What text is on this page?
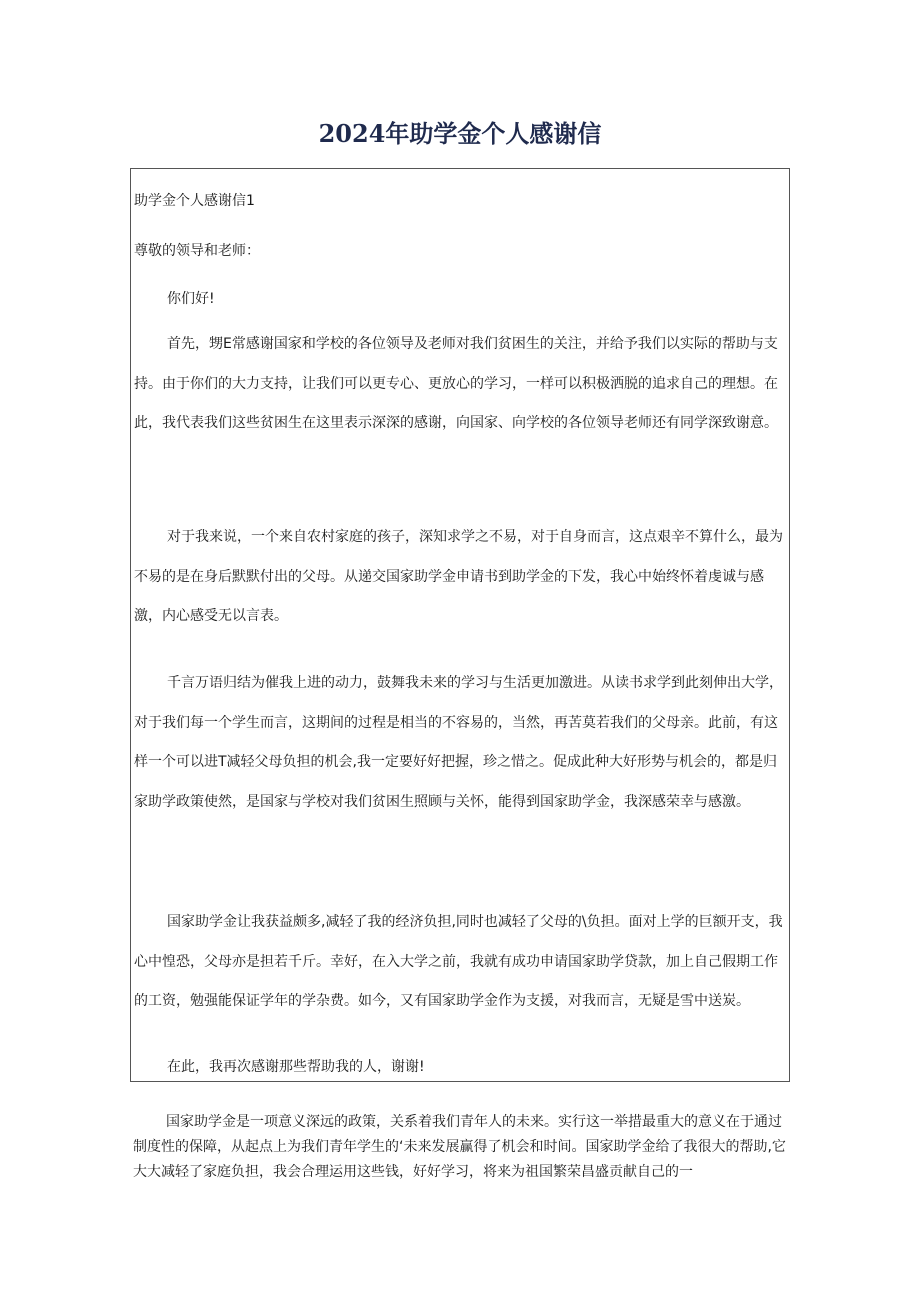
2024年助学金个人感谢信

助学金个人感谢信1

尊敬的领导和老师：

你们好!

首先，甥E常感谢国家和学校的各位领导及老师对我们贫困生的关注，并给予我们以实际的帮助与支持。由于你们的大力支持，让我们可以更专心、更放心的学习，一样可以积极洒脱的追求自己的理想。在此，我代表我们这些贫困生在这里表示深深的感谢，向国家、向学校的各位领导老师还有同学深致谢意。

对于我来说，一个来自农村家庭的孩子，深知求学之不易，对于自身而言，这点艰辛不算什么，最为不易的是在身后默默付出的父母。从递交国家助学金申请书到助学金的下发，我心中始终怀着虔诚与感激，内心感受无以言表。

千言万语归结为催我上进的动力，鼓舞我未来的学习与生活更加激进。从读书求学到此刻伸出大学，对于我们每一个学生而言，这期间的过程是相当的不容易的，当然，再苦莫若我们的父母亲。此前，有这样一个可以进T减轻父母负担的机会,我一定要好好把握，珍之惜之。促成此种大好形势与机会的，都是归家助学政策使然，是国家与学校对我们贫困生照顾与关怀，能得到国家助学金，我深感荣幸与感激。

国家助学金让我获益颇多,减轻了我的经济负担,同时也减轻了父母的\负担。面对上学的巨额开支，我心中惶恐，父母亦是担若千斤。幸好，在入大学之前，我就有成功申请国家助学贷款，加上自己假期工作的工资，勉强能保证学年的学杂费。如今，又有国家助学金作为支援，对我而言，无疑是雪中送炭。

在此，我再次感谢那些帮助我的人，谢谢!

国家助学金是一项意义深远的政策，关系着我们青年人的未来。实行这一举措最重大的意义在于通过制度性的保障，从起点上为我们青年学生的‘未来发展赢得了机会和时间。国家助学金给了我很大的帮助,它大大减轻了家庭负担，我会合理运用这些钱，好好学习，将来为祖国繁荣昌盛贡献自己的一
